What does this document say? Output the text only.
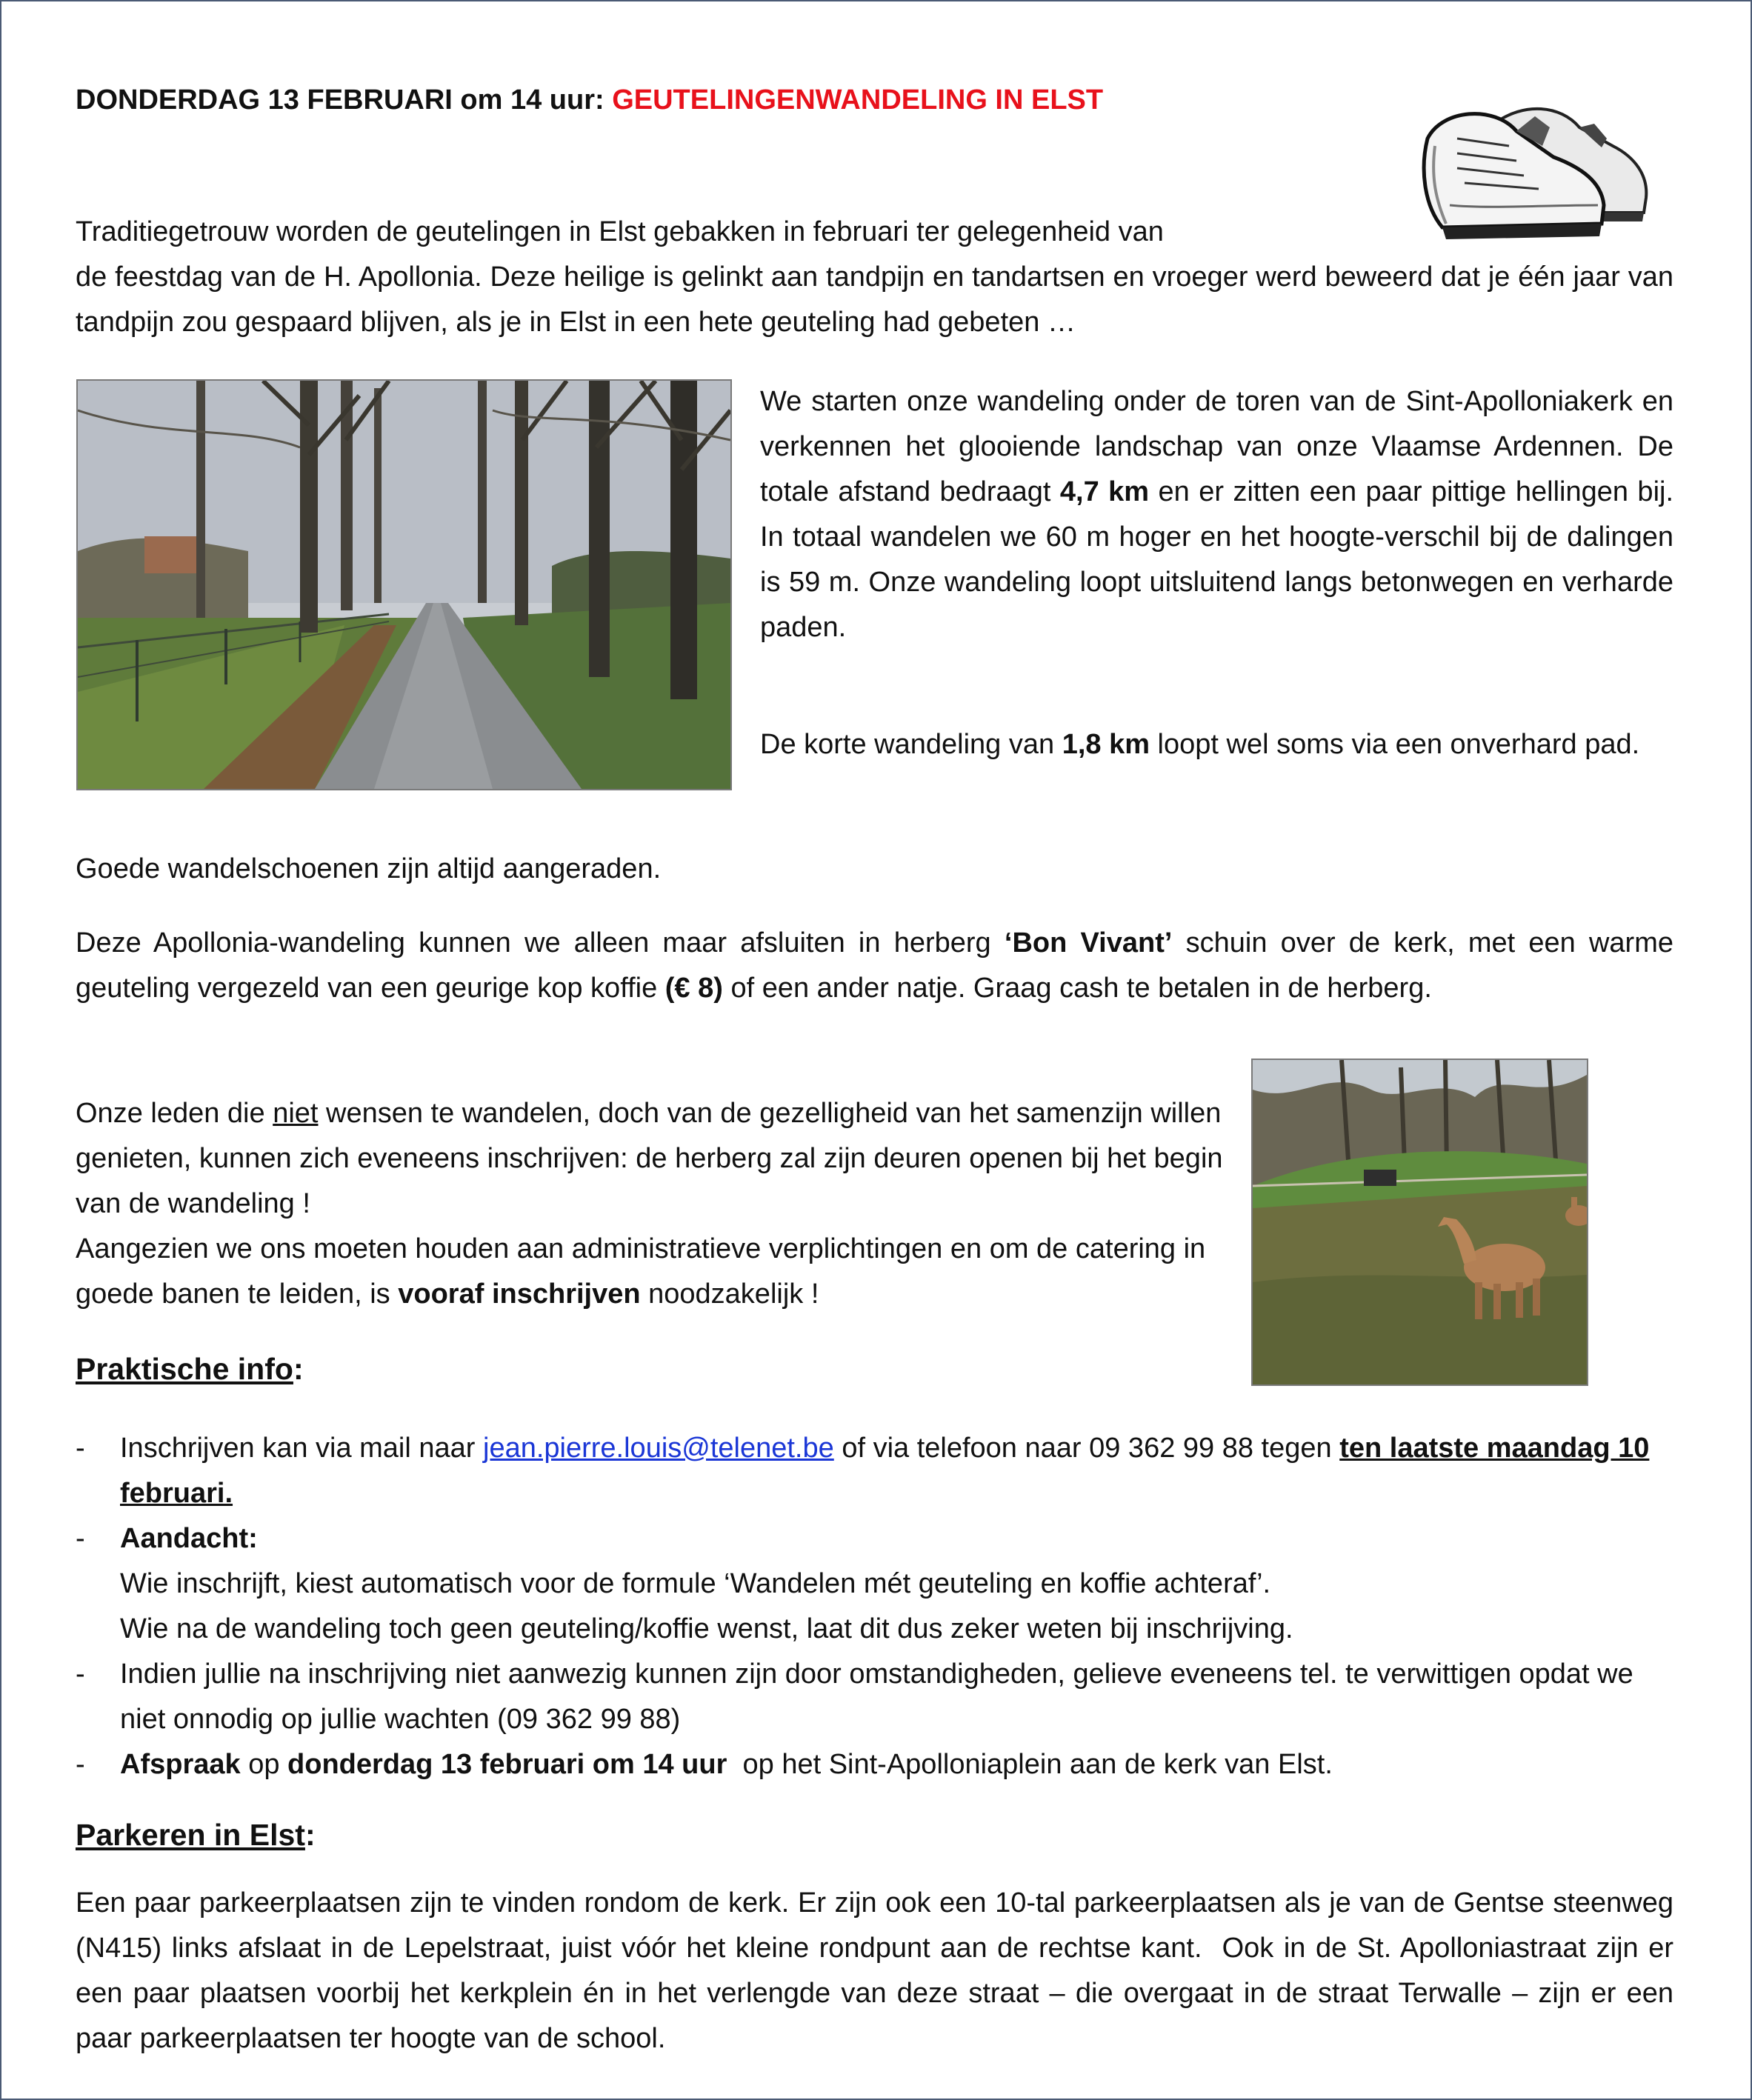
DONDERDAG 13 FEBRUARI om 14 uur: GEUTELINGENWANDELING IN ELST

Traditiegetrouw worden de geutelingen in Elst gebakken in februari ter gelegenheid van

de feestdag van de H. Apollonia. Deze heilige is gelinkt aan tandpijn en tandartsen en vroeger werd beweerd dat je één jaar van tandpijn zou gespaard blijven, als je in Elst in een hete geuteling had gebeten …

We starten onze wandeling onder de toren van de Sint-Apolloniakerk en verkennen het glooiende landschap van onze Vlaamse Ardennen. De totale afstand bedraagt 4,7 km en er zitten een paar pittige hellingen bij. In totaal wandelen we 60 m hoger en het hoogte-verschil bij de dalingen is 59 m. Onze wandeling loopt uitsluitend langs betonwegen en verharde paden.

De korte wandeling van 1,8 km loopt wel soms via een onverhard pad.

Goede wandelschoenen zijn altijd aangeraden.

Deze Apollonia-wandeling kunnen we alleen maar afsluiten in herberg ‘Bon Vivant’ schuin over de kerk, met een warme geuteling vergezeld van een geurige kop koffie (€ 8) of een ander natje. Graag cash te betalen in de herberg.

Onze leden die niet wensen te wandelen, doch van de gezelligheid van het samenzijn willen genieten, kunnen zich eveneens inschrijven: de herberg zal zijn deuren openen bij het begin van de wandeling !
Aangezien we ons moeten houden aan administratieve verplichtingen en om de catering in goede banen te leiden, is vooraf inschrijven noodzakelijk !
Praktische info:
- Inschrijven kan via mail naar jean.pierre.louis@telenet.be of via telefoon naar 09 362 99 88 tegen ten laatste maandag 10 februari.
- Aandacht:
Wie inschrijft, kiest automatisch voor de formule ‘Wandelen mét geuteling en koffie achteraf’.
Wie na de wandeling toch geen geuteling/koffie wenst, laat dit dus zeker weten bij inschrijving.
- Indien jullie na inschrijving niet aanwezig kunnen zijn door omstandigheden, gelieve eveneens tel. te verwittigen opdat we niet onnodig op jullie wachten (09 362 99 88)
- Afspraak op donderdag 13 februari om 14 uur  op het Sint-Apolloniaplein aan de kerk van Elst.
Parkeren in Elst:

Een paar parkeerplaatsen zijn te vinden rondom de kerk. Er zijn ook een 10-tal parkeerplaatsen als je van de Gentse steenweg (N415) links afslaat in de Lepelstraat, juist vóór het kleine rondpunt aan de rechtse kant.  Ook in de St. Apolloniastraat zijn er een paar plaatsen voorbij het kerkplein én in het verlengde van deze straat – die overgaat in de straat Terwalle – zijn er een paar parkeerplaatsen ter hoogte van de school.
